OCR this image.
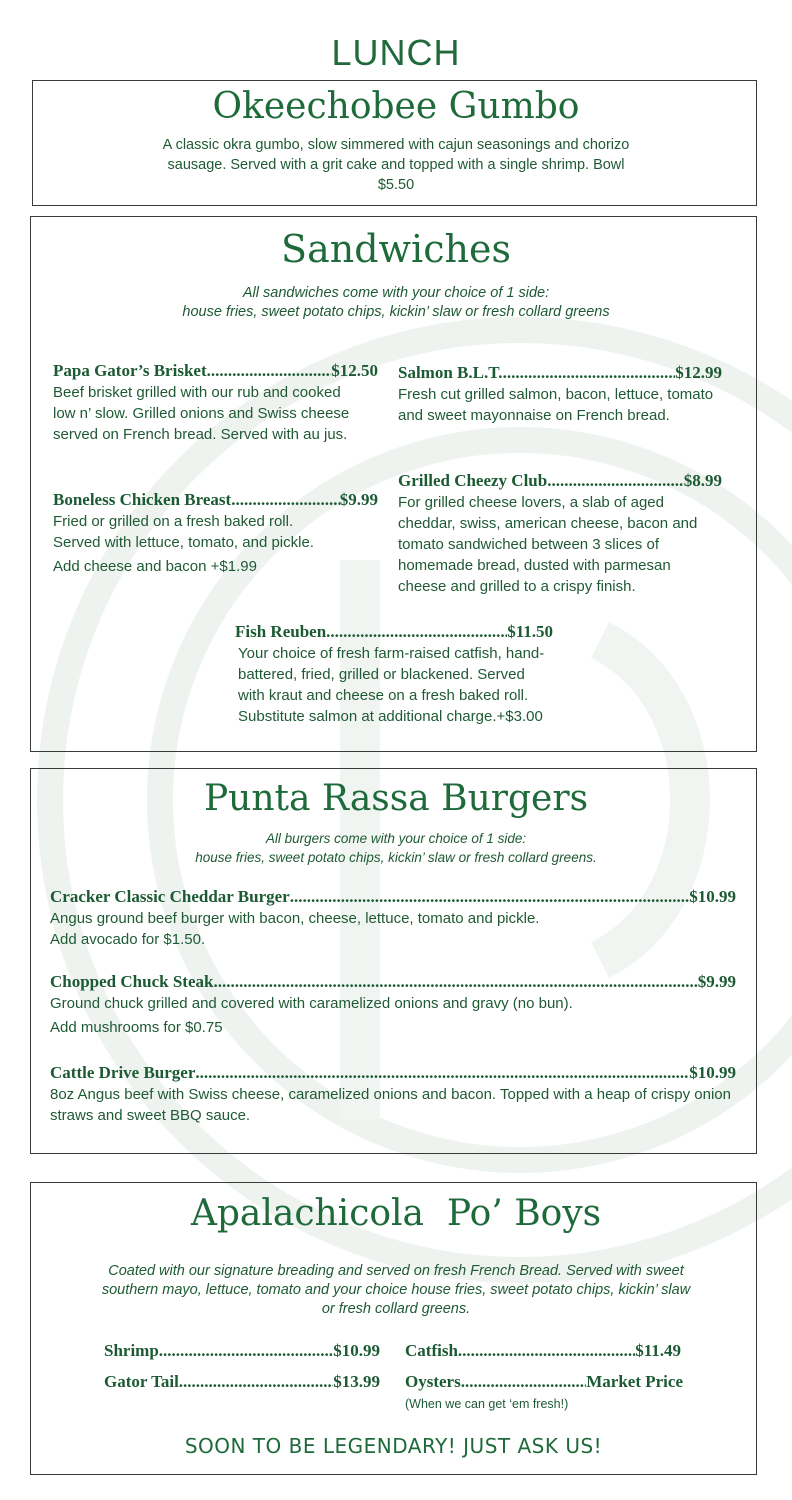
LUNCH
Okeechobee Gumbo
A classic okra gumbo, slow simmered with cajun seasonings and chorizo sausage. Served with a grit cake and topped with a single shrimp. Bowl $5.50
Sandwiches
All sandwiches come with your choice of 1 side:
house fries, sweet potato chips, kickin’ slaw or fresh collard greens
Papa Gator’s Brisket .....	$12.50
Beef brisket grilled with our rub and cooked low n’ slow. Grilled onions and Swiss cheese served on French bread. Served with au jus.
Boneless Chicken Breast .....	$9.99
Fried or grilled on a fresh baked roll. Served with lettuce, tomato, and pickle.
Add cheese and bacon +$1.99
Salmon B.L.T. .....	$12.99
Fresh cut grilled salmon, bacon, lettuce, tomato and sweet mayonnaise on French bread.
Grilled Cheezy Club .....	$8.99
For grilled cheese lovers, a slab of aged cheddar, swiss, american cheese, bacon and tomato sandwiched between 3 slices of homemade bread, dusted with parmesan cheese and grilled to a crispy finish.
Fish Reuben .....	$11.50
Your choice of fresh farm-raised catfish, hand-battered, fried, grilled or blackened. Served with kraut and cheese on a fresh baked roll. Substitute salmon at additional charge.+$3.00
Punta Rassa Burgers
All burgers come with your choice of 1 side:
house fries, sweet potato chips, kickin’ slaw or fresh collard greens.
Cracker Classic Cheddar Burger .....	$10.99
Angus ground beef burger with bacon, cheese, lettuce, tomato and pickle.
Add avocado for $1.50.
Chopped Chuck Steak .....	$9.99
Ground chuck grilled and covered with caramelized onions and gravy (no bun).
Add mushrooms for $0.75
Cattle Drive Burger .....	$10.99
8oz Angus beef with Swiss cheese, caramelized onions and bacon. Topped with a heap of crispy onion straws and sweet BBQ sauce.
Apalachicola  Po’ Boys
Coated with our signature breading and served on fresh French Bread. Served with sweet southern mayo, lettuce, tomato and your choice house fries, sweet potato chips, kickin’ slaw or fresh collard greens.
Shrimp .....	$10.99 Catfish .....	$11.49
Gator Tail .....	$13.99 Oysters .....	Market Price
(When we can get ‘em fresh!)
SOON TO BE LEGENDARY! JUST ASK US!
